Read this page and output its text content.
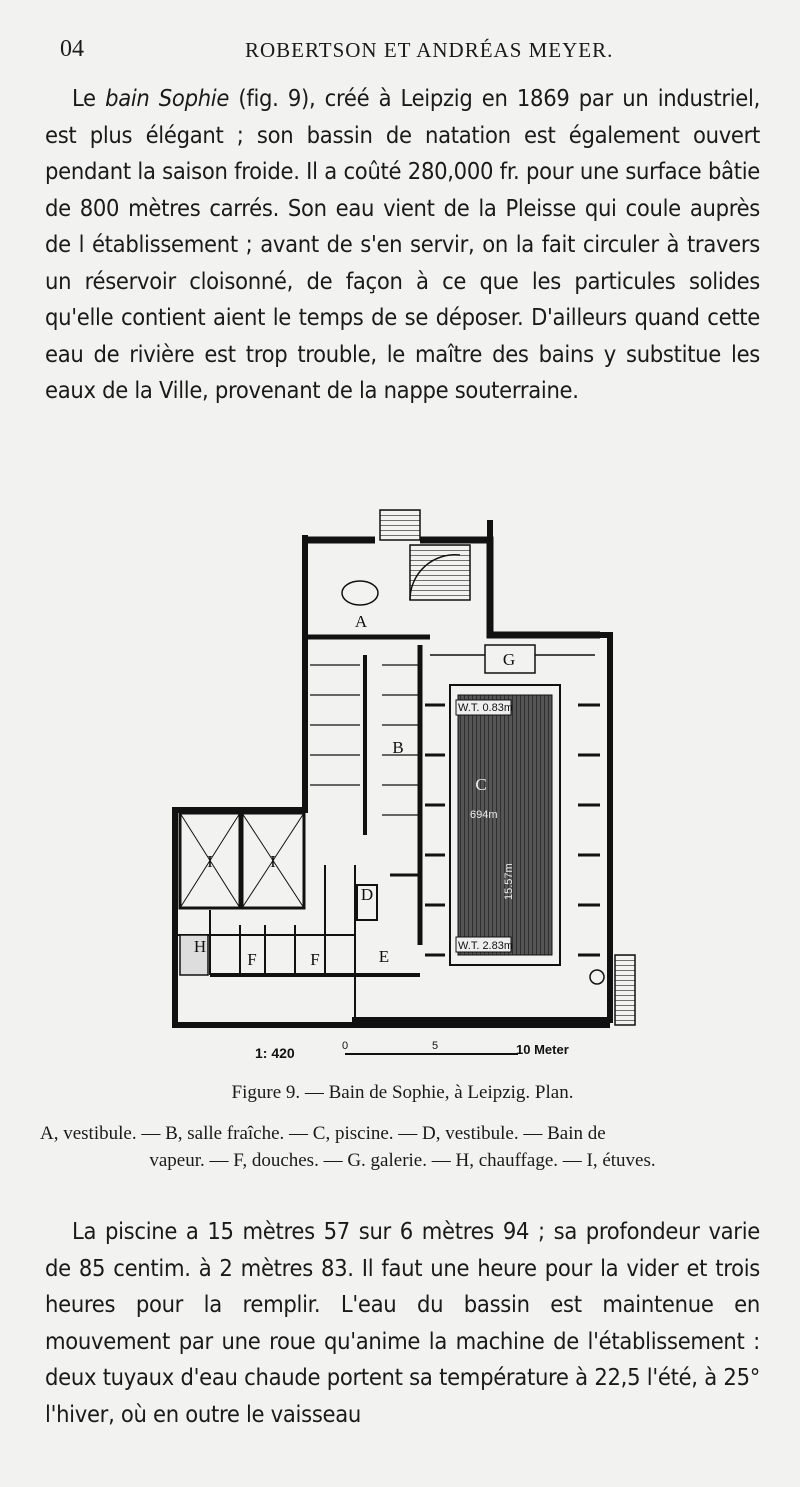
04	ROBERTSON ET ANDRÉAS MEYER.

Le bain Sophie (fig. 9), créé à Leipzig en 1869 par un industriel, est plus élégant ; son bassin de natation est également ouvert pendant la saison froide. Il a coûté 280,000 fr. pour une surface bâtie de 800 mètres carrés. Son eau vient de la Pleisse qui coule auprès de l établissement ; avant de s'en servir, on la fait circuler à travers un réservoir cloisonné, de façon à ce que les particules solides qu'elle contient aient le temps de se déposer. D'ailleurs quand cette eau de rivière est trop trouble, le maître des bains y substitue les eaux de la Ville, provenant de la nappe souterraine.

A
B
C
D
E
F	F
G
H
I	I
W.T. 0.83m
W.T. 2.83m
694m
15.57m
1: 420	0	5	10 Meter
Figure 9. — Bain de Sophie, à Leipzig. Plan.
A, vestibule. — B, salle fraîche. — C, piscine. — D, vestibule. — Bain de
vapeur. — F, douches. — G. galerie. — H, chauffage. — I, étuves.

La piscine a 15 mètres 57 sur 6 mètres 94 ; sa profondeur varie de 85 centim. à 2 mètres 83. Il faut une heure pour la vider et trois heures pour la remplir. L'eau du bassin est maintenue en mouvement par une roue qu'anime la machine de l'établissement : deux tuyaux d'eau chaude portent sa température à 22,5 l'été, à 25° l'hiver, où en outre le vaisseau
